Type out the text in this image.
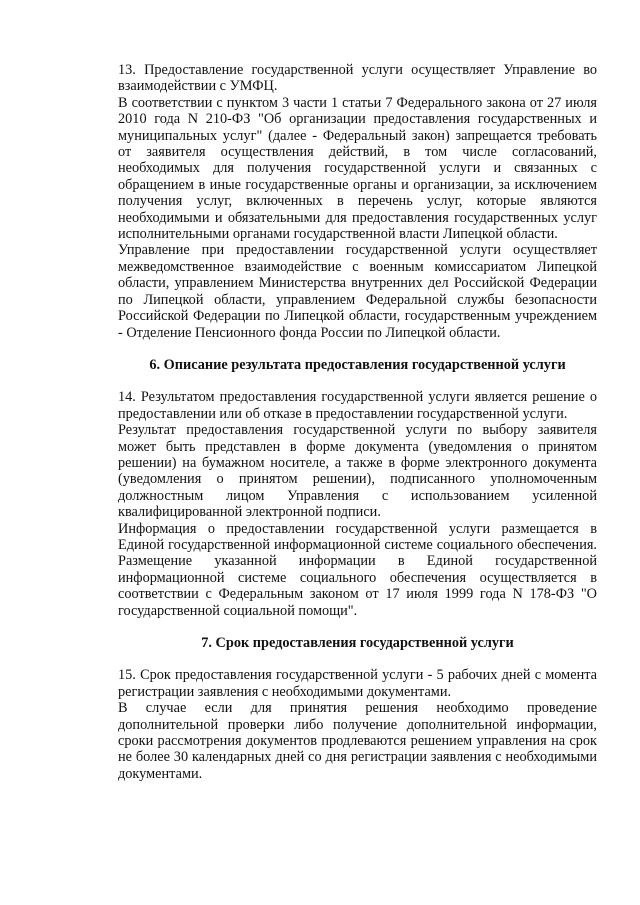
13. Предоставление государственной услуги осуществляет Управление во взаимодействии с УМФЦ.

В соответствии с пунктом 3 части 1 статьи 7 Федерального закона от 27 июля 2010 года N 210-ФЗ "Об организации предоставления государственных и муниципальных услуг" (далее - Федеральный закон) запрещается требовать от заявителя осуществления действий, в том числе согласований, необходимых для получения государственной услуги и связанных с обращением в иные государственные органы и организации, за исключением получения услуг, включенных в перечень услуг, которые являются необходимыми и обязательными для предоставления государственных услуг исполнительными органами государственной власти Липецкой области.

Управление при предоставлении государственной услуги осуществляет межведомственное взаимодействие с военным комиссариатом Липецкой области, управлением Министерства внутренних дел Российской Федерации по Липецкой области, управлением Федеральной службы безопасности Российской Федерации по Липецкой области, государственным учреждением - Отделение Пенсионного фонда России по Липецкой области.

6. Описание результата предоставления государственной услуги

14. Результатом предоставления государственной услуги является решение о предоставлении или об отказе в предоставлении государственной услуги.

Результат предоставления государственной услуги по выбору заявителя может быть представлен в форме документа (уведомления о принятом решении) на бумажном носителе, а также в форме электронного документа (уведомления о принятом решении), подписанного уполномоченным должностным лицом Управления с использованием усиленной квалифицированной электронной подписи.

Информация о предоставлении государственной услуги размещается в Единой государственной информационной системе социального обеспечения. Размещение указанной информации в Единой государственной информационной системе социального обеспечения осуществляется в соответствии с Федеральным законом от 17 июля 1999 года N 178-ФЗ "О государственной социальной помощи".

7. Срок предоставления государственной услуги

15. Срок предоставления государственной услуги - 5 рабочих дней с момента регистрации заявления с необходимыми документами.

В случае если для принятия решения необходимо проведение дополнительной проверки либо получение дополнительной информации, сроки рассмотрения документов продлеваются решением управления на срок не более 30 календарных дней со дня регистрации заявления с необходимыми документами.
